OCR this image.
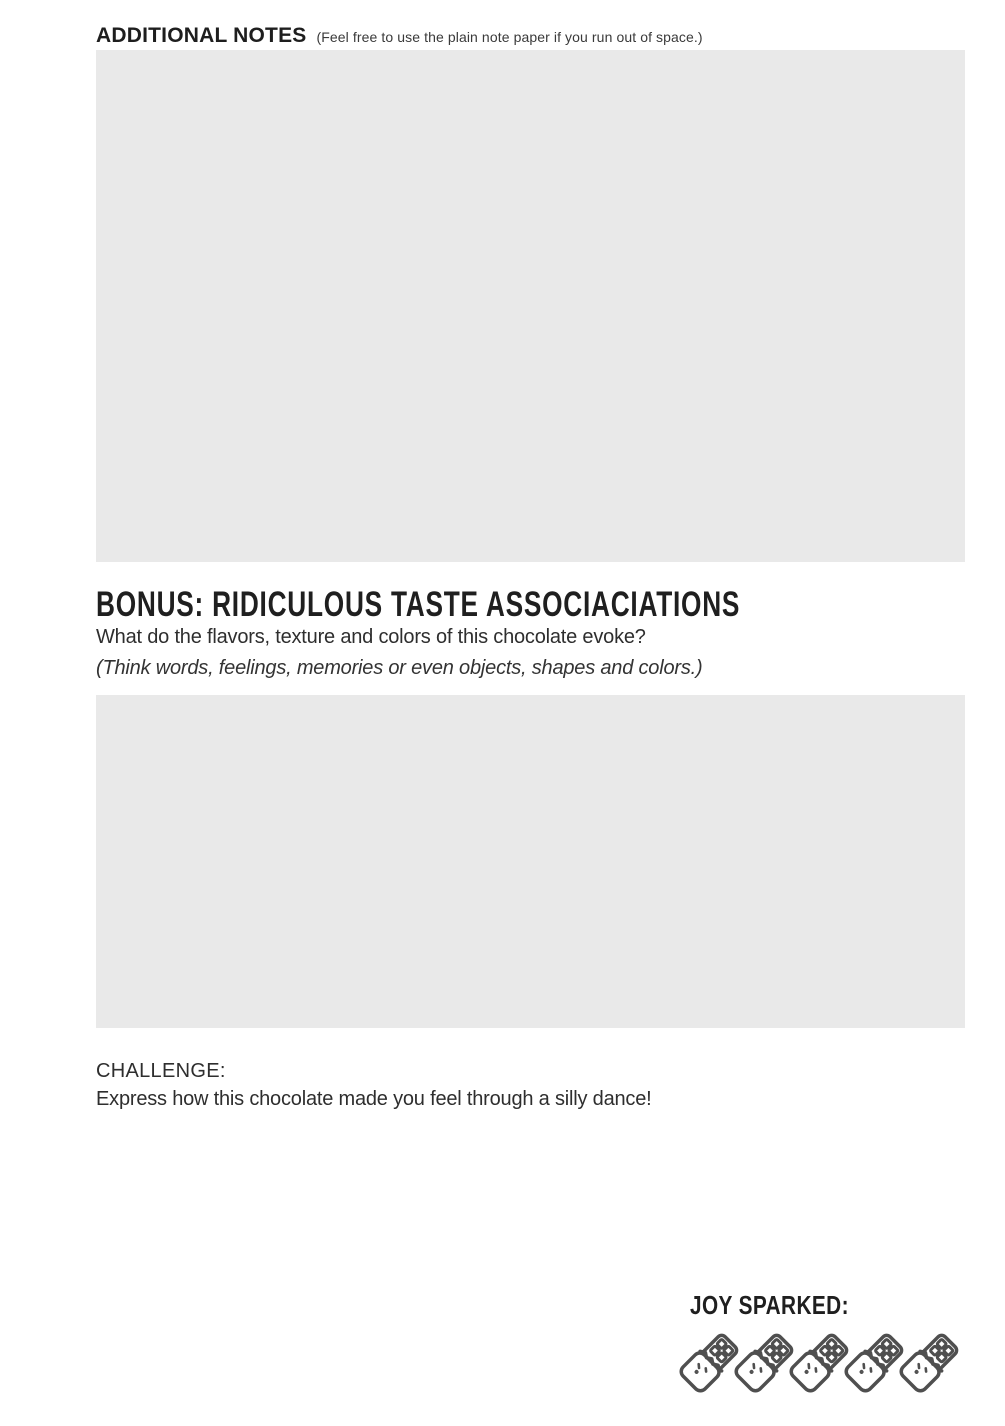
ADDITIONAL NOTES (Feel free to use the plain note paper if you run out of space.)
BONUS: RIDICULOUS TASTE ASSOCIACIATIONS

What do the flavors, texture and colors of this chocolate evoke?

(Think words, feelings, memories or even objects, shapes and colors.)

CHALLENGE:

Express how this chocolate made you feel through a silly dance!

JOY SPARKED:
